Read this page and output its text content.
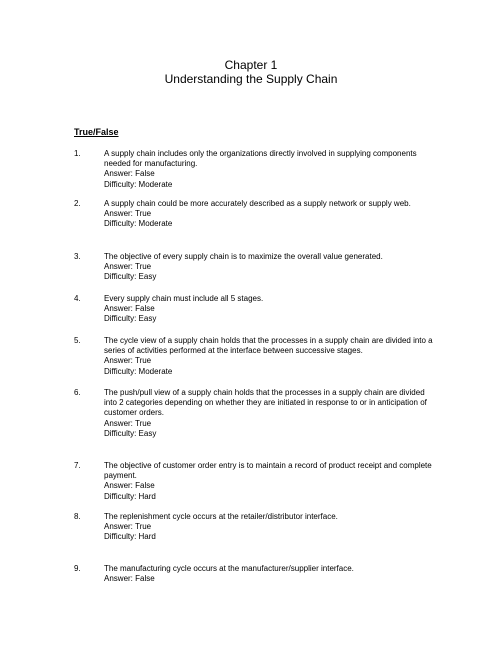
Chapter 1
Understanding the Supply Chain
True/False
1.	A supply chain includes only the organizations directly involved in supplying components needed for manufacturing.
Answer: False
Difficulty: Moderate
2.	A supply chain could be more accurately described as a supply network or supply web.
Answer: True
Difficulty: Moderate
3.	The objective of every supply chain is to maximize the overall value generated.
Answer: True
Difficulty: Easy
4.	Every supply chain must include all 5 stages.
Answer: False
Difficulty: Easy
5.	The cycle view of a supply chain holds that the processes in a supply chain are divided into a series of activities performed at the interface between successive stages.
Answer: True
Difficulty: Moderate
6.	The push/pull view of a supply chain holds that the processes in a supply chain are divided into 2 categories depending on whether they are initiated in response to or in anticipation of customer orders.
Answer: True
Difficulty: Easy
7.	The objective of customer order entry is to maintain a record of product receipt and complete payment.
Answer: False
Difficulty: Hard
8.	The replenishment cycle occurs at the retailer/distributor interface.
Answer: True
Difficulty: Hard
9.	The manufacturing cycle occurs at the manufacturer/supplier interface.
Answer: False
